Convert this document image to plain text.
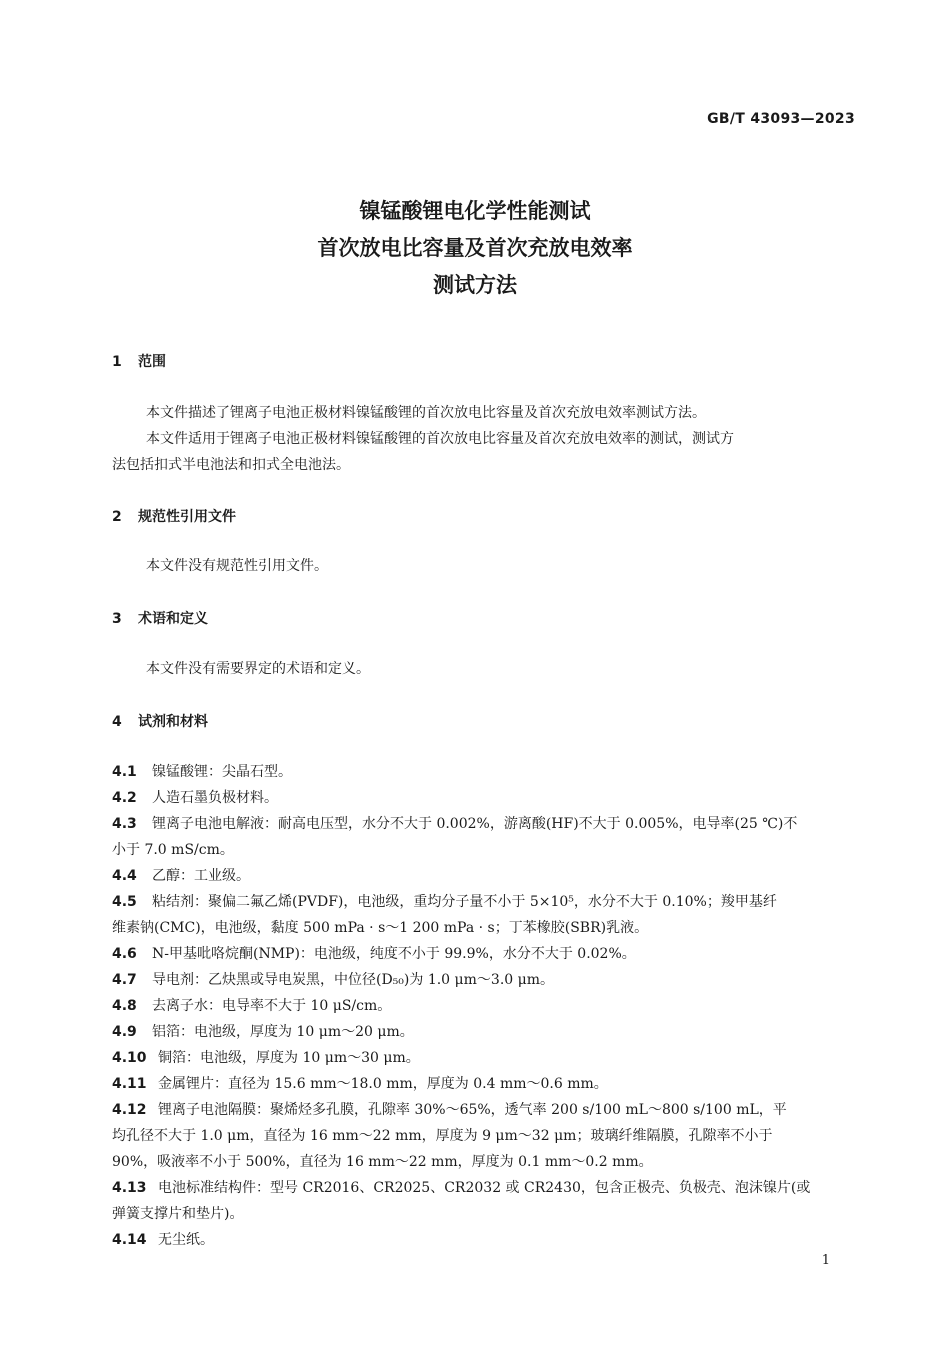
GB/T 43093—2023
镍锰酸锂电化学性能测试
首次放电比容量及首次充放电效率
测试方法
1 范围
本文件描述了锂离子电池正极材料镍锰酸锂的首次放电比容量及首次充放电效率测试方法。
本文件适用于锂离子电池正极材料镍锰酸锂的首次放电比容量及首次充放电效率的测试，测试方
法包括扣式半电池法和扣式全电池法。
2 规范性引用文件
本文件没有规范性引用文件。
3 术语和定义
本文件没有需要界定的术语和定义。
4 试剂和材料
4.1 镍锰酸锂：尖晶石型。
4.2 人造石墨负极材料。
4.3 锂离子电池电解液：耐高电压型，水分不大于 0.002%，游离酸(HF)不大于 0.005%，电导率(25 ℃)不
小于 7.0 mS/cm。
4.4 乙醇：工业级。
4.5 粘结剂：聚偏二氟乙烯(PVDF)，电池级，重均分子量不小于 5×10⁵，水分不大于 0.10%；羧甲基纤
维素钠(CMC)，电池级，黏度 500 mPa · s～1 200 mPa · s；丁苯橡胶(SBR)乳液。
4.6 N-甲基吡咯烷酮(NMP)：电池级，纯度不小于 99.9%，水分不大于 0.02%。
4.7 导电剂：乙炔黑或导电炭黑，中位径(D₅₀)为 1.0 μm～3.0 μm。
4.8 去离子水：电导率不大于 10 μS/cm。
4.9 铝箔：电池级，厚度为 10 μm～20 μm。
4.10 铜箔：电池级，厚度为 10 μm～30 μm。
4.11 金属锂片：直径为 15.6 mm～18.0 mm，厚度为 0.4 mm～0.6 mm。
4.12 锂离子电池隔膜：聚烯烃多孔膜，孔隙率 30%～65%，透气率 200 s/100 mL～800 s/100 mL，平
均孔径不大于 1.0 μm，直径为 16 mm～22 mm，厚度为 9 μm～32 μm；玻璃纤维隔膜，孔隙率不小于
90%，吸液率不小于 500%，直径为 16 mm～22 mm，厚度为 0.1 mm～0.2 mm。
4.13 电池标准结构件：型号 CR2016、CR2025、CR2032 或 CR2430，包含正极壳、负极壳、泡沫镍片(或
弹簧支撑片和垫片)。
4.14 无尘纸。
1
